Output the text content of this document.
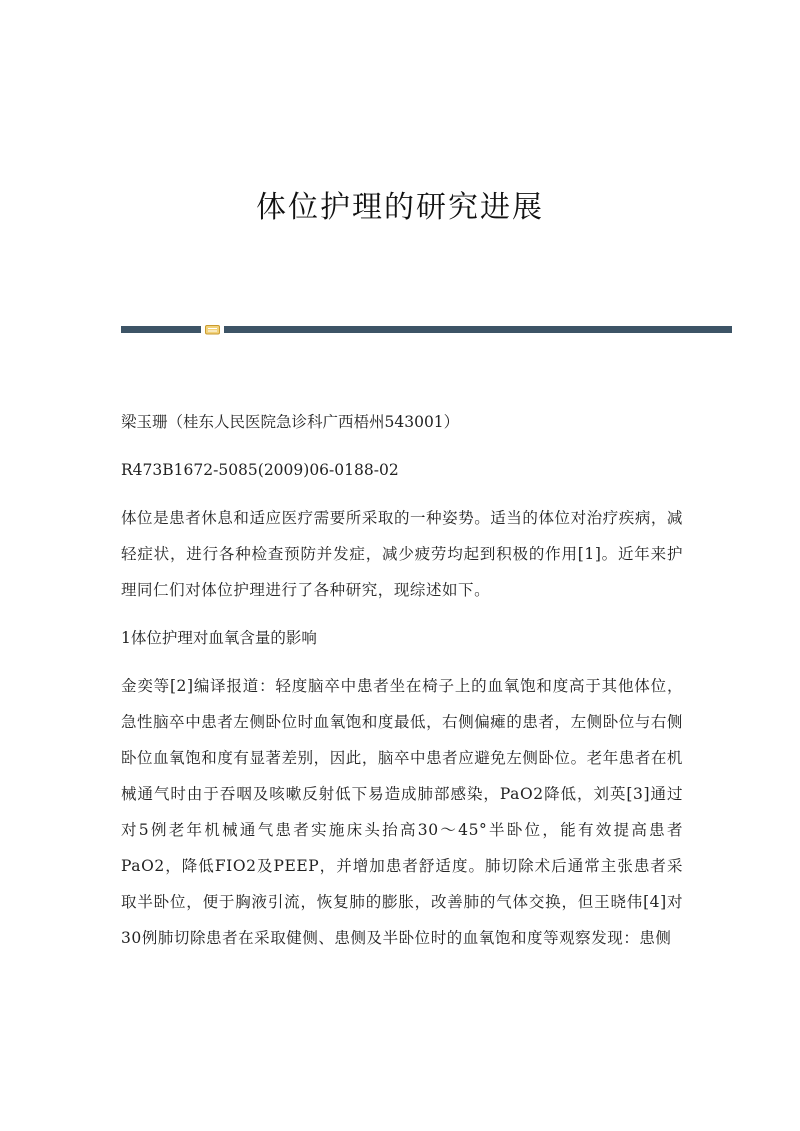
体位护理的研究进展
梁玉珊（桂东人民医院急诊科广西梧州543001）
R473B1672-5085(2009)06-0188-02
体位是患者休息和适应医疗需要所采取的一种姿势。适当的体位对治疗疾病，减轻症状，进行各种检查预防并发症，减少疲劳均起到积极的作用[1]。近年来护理同仁们对体位护理进行了各种研究，现综述如下。
1体位护理对血氧含量的影响
金奕等[2]编译报道：轻度脑卒中患者坐在椅子上的血氧饱和度高于其他体位，急性脑卒中患者左侧卧位时血氧饱和度最低，右侧偏瘫的患者，左侧卧位与右侧卧位血氧饱和度有显著差别，因此，脑卒中患者应避免左侧卧位。老年患者在机械通气时由于吞咽及咳嗽反射低下易造成肺部感染，PaO2降低，刘英[3]通过对5例老年机械通气患者实施床头抬高30～45°半卧位，能有效提高患者PaO2，降低FIO2及PEEP，并增加患者舒适度。肺切除术后通常主张患者采取半卧位，便于胸液引流，恢复肺的膨胀，改善肺的气体交换，但王晓伟[4]对30例肺切除患者在采取健侧、患侧及半卧位时的血氧饱和度等观察发现：患侧
